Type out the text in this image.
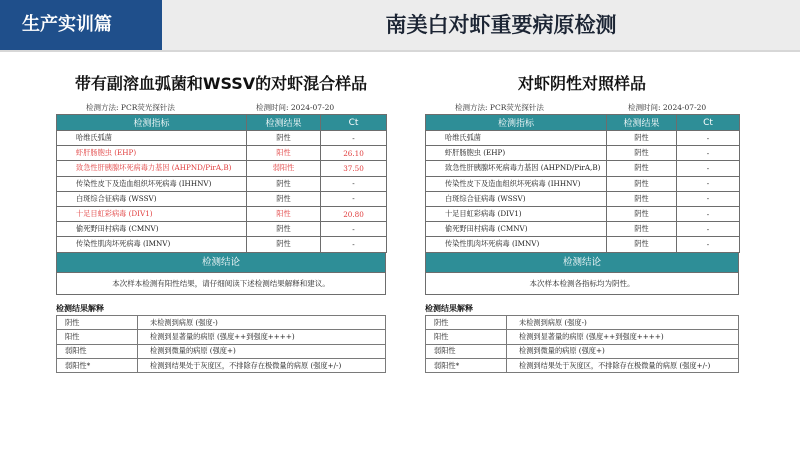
生产实训篇	南美白对虾重要病原检测
带有副溶血弧菌和WSSV的对虾混合样品
检测方法: PCR荧光探针法	检测时间: 2024-07-20
检测指标	检测结果	Ct
哈维氏弧菌	阴性	-
虾肝肠胞虫 (EHP)	阳性	26.10
致急性肝胰腺坏死病毒力基因 (AHPND/PirA,B)	弱阳性	37.50
传染性皮下及造血组织坏死病毒 (IHHNV)	阴性	-
白斑综合征病毒 (WSSV)	阴性	-
十足目虹彩病毒 (DIV1)	阳性	20.80
偷死野田村病毒 (CMNV)	阴性	-
传染性肌肉坏死病毒 (IMNV)	阴性	-
检测结论
本次样本检测有阳性结果，请仔细阅读下述检测结果解释和建议。
对虾阴性对照样品
检测方法: PCR荧光探针法	检测时间: 2024-07-20
检测指标	检测结果	Ct
哈维氏弧菌	阴性	-
虾肝肠胞虫 (EHP)	阴性	-
致急性肝胰腺坏死病毒力基因 (AHPND/PirA,B)	阴性	-
传染性皮下及造血组织坏死病毒 (IHHNV)	阴性	-
白斑综合征病毒 (WSSV)	阴性	-
十足目虹彩病毒 (DIV1)	阴性	-
偷死野田村病毒 (CMNV)	阴性	-
传染性肌肉坏死病毒 (IMNV)	阴性	-
检测结论
本次样本检测各指标均为阴性。
检测结果解释
阴性	未检测到病原 (强度-)
阳性	检测到显著量的病原 (强度++到强度++++)
弱阳性	检测到微量的病原 (强度+)
弱阳性*	检测到结果处于灰度区，不排除存在极微量的病原 (强度+/-)
检测结果解释
阴性	未检测到病原 (强度-)
阳性	检测到显著量的病原 (强度++到强度++++)
弱阳性	检测到微量的病原 (强度+)
弱阳性*	检测到结果处于灰度区，不排除存在极微量的病原 (强度+/-)
